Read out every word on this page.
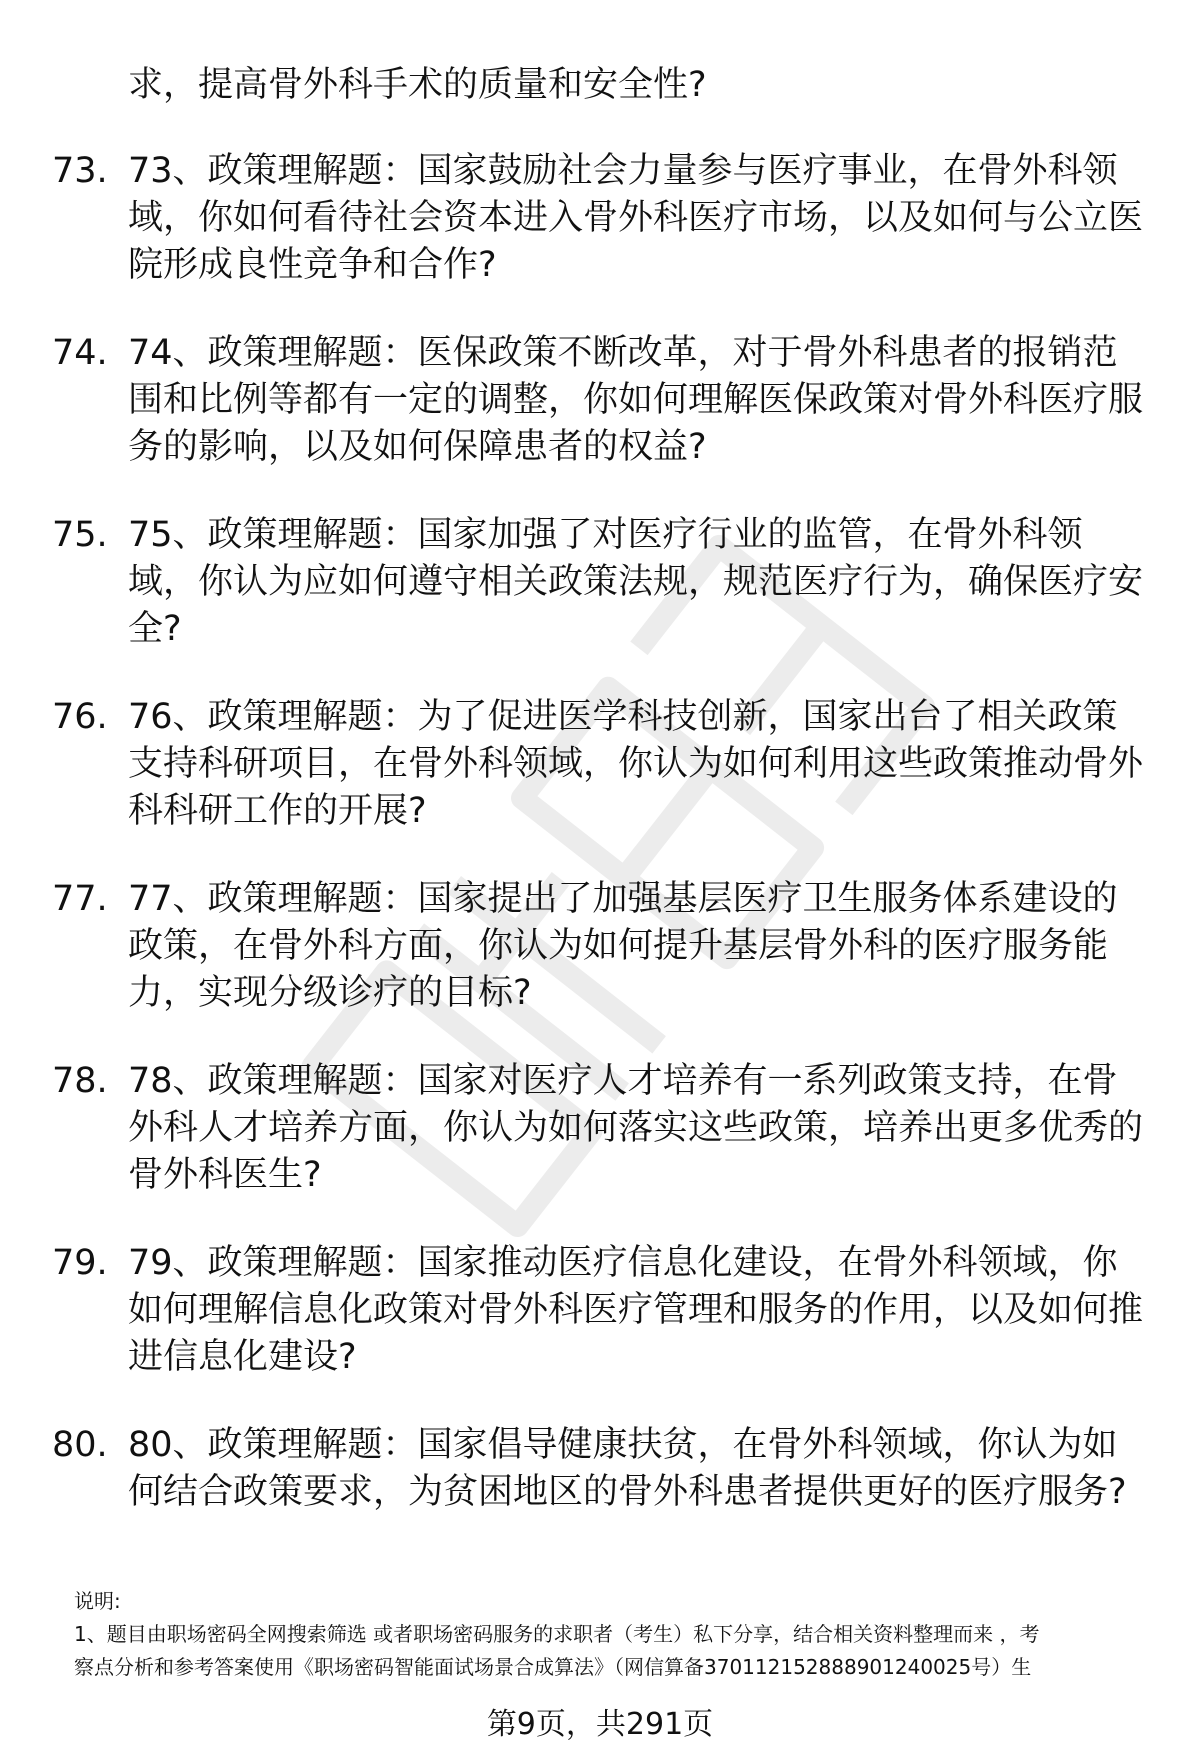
求，提高骨外科手术的质量和安全性?

73. 73、政策理解题：国家鼓励社会力量参与医疗事业，在骨外科领域，你如何看待社会资本进入骨外科医疗市场，以及如何与公立医院形成良性竞争和合作?

74. 74、政策理解题：医保政策不断改革，对于骨外科患者的报销范围和比例等都有一定的调整，你如何理解医保政策对骨外科医疗服务的影响，以及如何保障患者的权益?

75. 75、政策理解题：国家加强了对医疗行业的监管，在骨外科领域，你认为应如何遵守相关政策法规，规范医疗行为，确保医疗安全?

76. 76、政策理解题：为了促进医学科技创新，国家出台了相关政策支持科研项目，在骨外科领域，你认为如何利用这些政策推动骨外科科研工作的开展?

77. 77、政策理解题：国家提出了加强基层医疗卫生服务体系建设的政策，在骨外科方面，你认为如何提升基层骨外科的医疗服务能力，实现分级诊疗的目标?

78. 78、政策理解题：国家对医疗人才培养有一系列政策支持，在骨外科人才培养方面，你认为如何落实这些政策，培养出更多优秀的骨外科医生?

79. 79、政策理解题：国家推动医疗信息化建设，在骨外科领域，你如何理解信息化政策对骨外科医疗管理和服务的作用，以及如何推进信息化建设?

80. 80、政策理解题：国家倡导健康扶贫，在骨外科领域，你认为如何结合政策要求，为贫困地区的骨外科患者提供更好的医疗服务?

说明:

1、题目由职场密码全网搜索筛选 或者职场密码服务的求职者（考生）私下分享，结合相关资料整理而来 ，考

察点分析和参考答案使用《职场密码智能面试场景合成算法》（网信算备370112152888901240025号）生

第9页，共291页
